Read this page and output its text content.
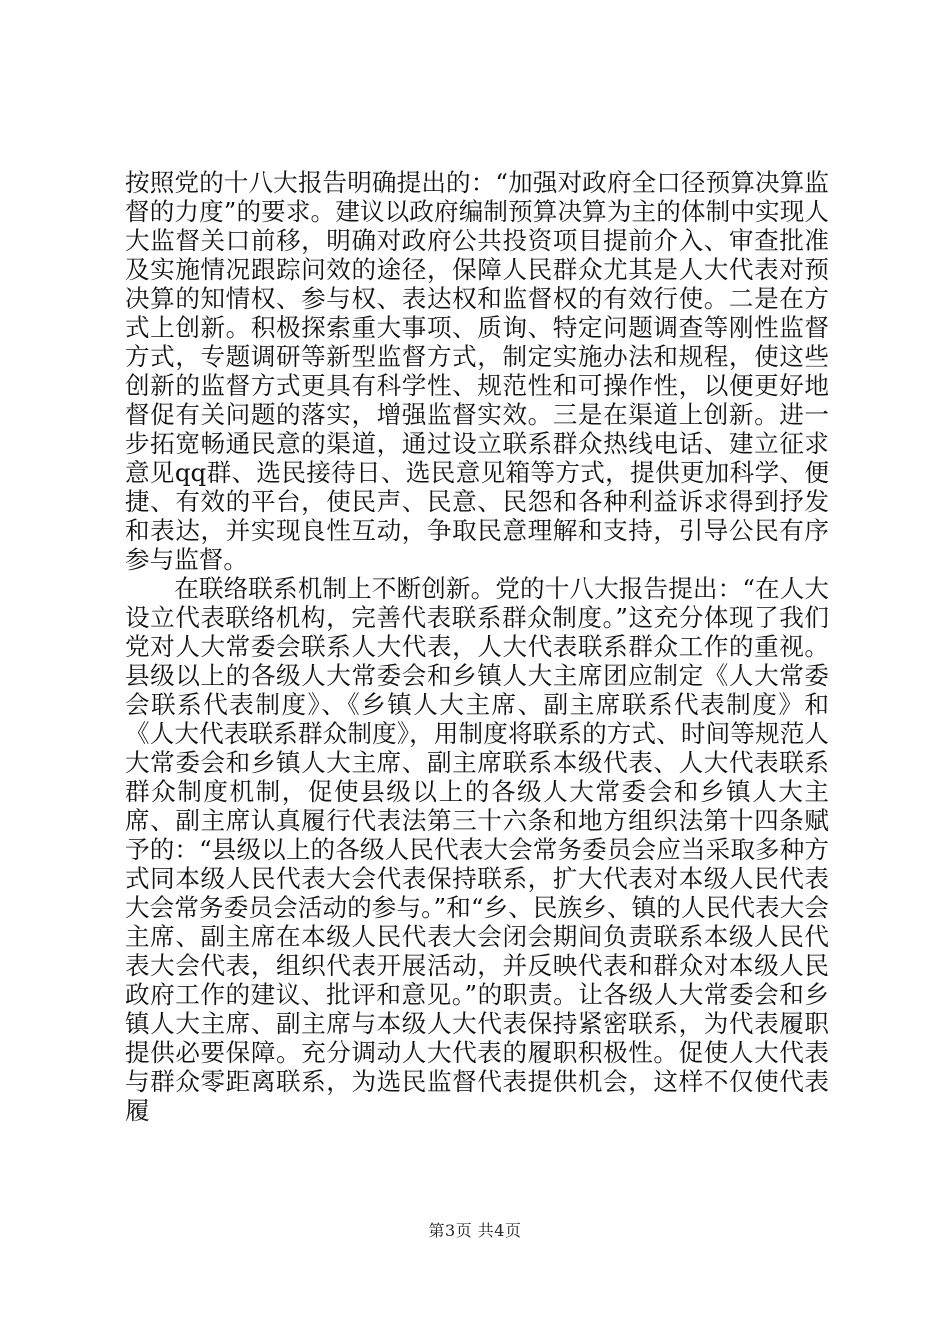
按照党的十八大报告明确提出的：“加强对政府全口径预算决算监督的力度”的要求。建议以政府编制预算决算为主的体制中实现人大监督关口前移，明确对政府公共投资项目提前介入、审查批准及实施情况跟踪问效的途径，保障人民群众尤其是人大代表对预决算的知情权、参与权、表达权和监督权的有效行使。二是在方式上创新。积极探索重大事项、质询、特定问题调查等刚性监督方式，专题调研等新型监督方式，制定实施办法和规程，使这些创新的监督方式更具有科学性、规范性和可操作性，以便更好地督促有关问题的落实，增强监督实效。三是在渠道上创新。进一步拓宽畅通民意的渠道，通过设立联系群众热线电话、建立征求意见qq群、选民接待日、选民意见箱等方式，提供更加科学、便捷、有效的平台，使民声、民意、民怨和各种利益诉求得到抒发和表达，并实现良性互动，争取民意理解和支持，引导公民有序参与监督。

在联络联系机制上不断创新。党的十八大报告提出：“在人大设立代表联络机构，完善代表联系群众制度。”这充分体现了我们党对人大常委会联系人大代表，人大代表联系群众工作的重视。县级以上的各级人大常委会和乡镇人大主席团应制定《人大常委会联系代表制度》、《乡镇人大主席、副主席联系代表制度》和《人大代表联系群众制度》，用制度将联系的方式、时间等规范人大常委会和乡镇人大主席、副主席联系本级代表、人大代表联系群众制度机制，促使县级以上的各级人大常委会和乡镇人大主席、副主席认真履行代表法第三十六条和地方组织法第十四条赋予的：“县级以上的各级人民代表大会常务委员会应当采取多种方式同本级人民代表大会代表保持联系，扩大代表对本级人民代表大会常务委员会活动的参与。”和“乡、民族乡、镇的人民代表大会主席、副主席在本级人民代表大会闭会期间负责联系本级人民代表大会代表，组织代表开展活动，并反映代表和群众对本级人民政府工作的建议、批评和意见。”的职责。让各级人大常委会和乡镇人大主席、副主席与本级人大代表保持紧密联系，为代表履职提供必要保障。充分调动人大代表的履职积极性。促使人大代表与群众零距离联系，为选民监督代表提供机会，这样不仅使代表履

第3页 共4页
